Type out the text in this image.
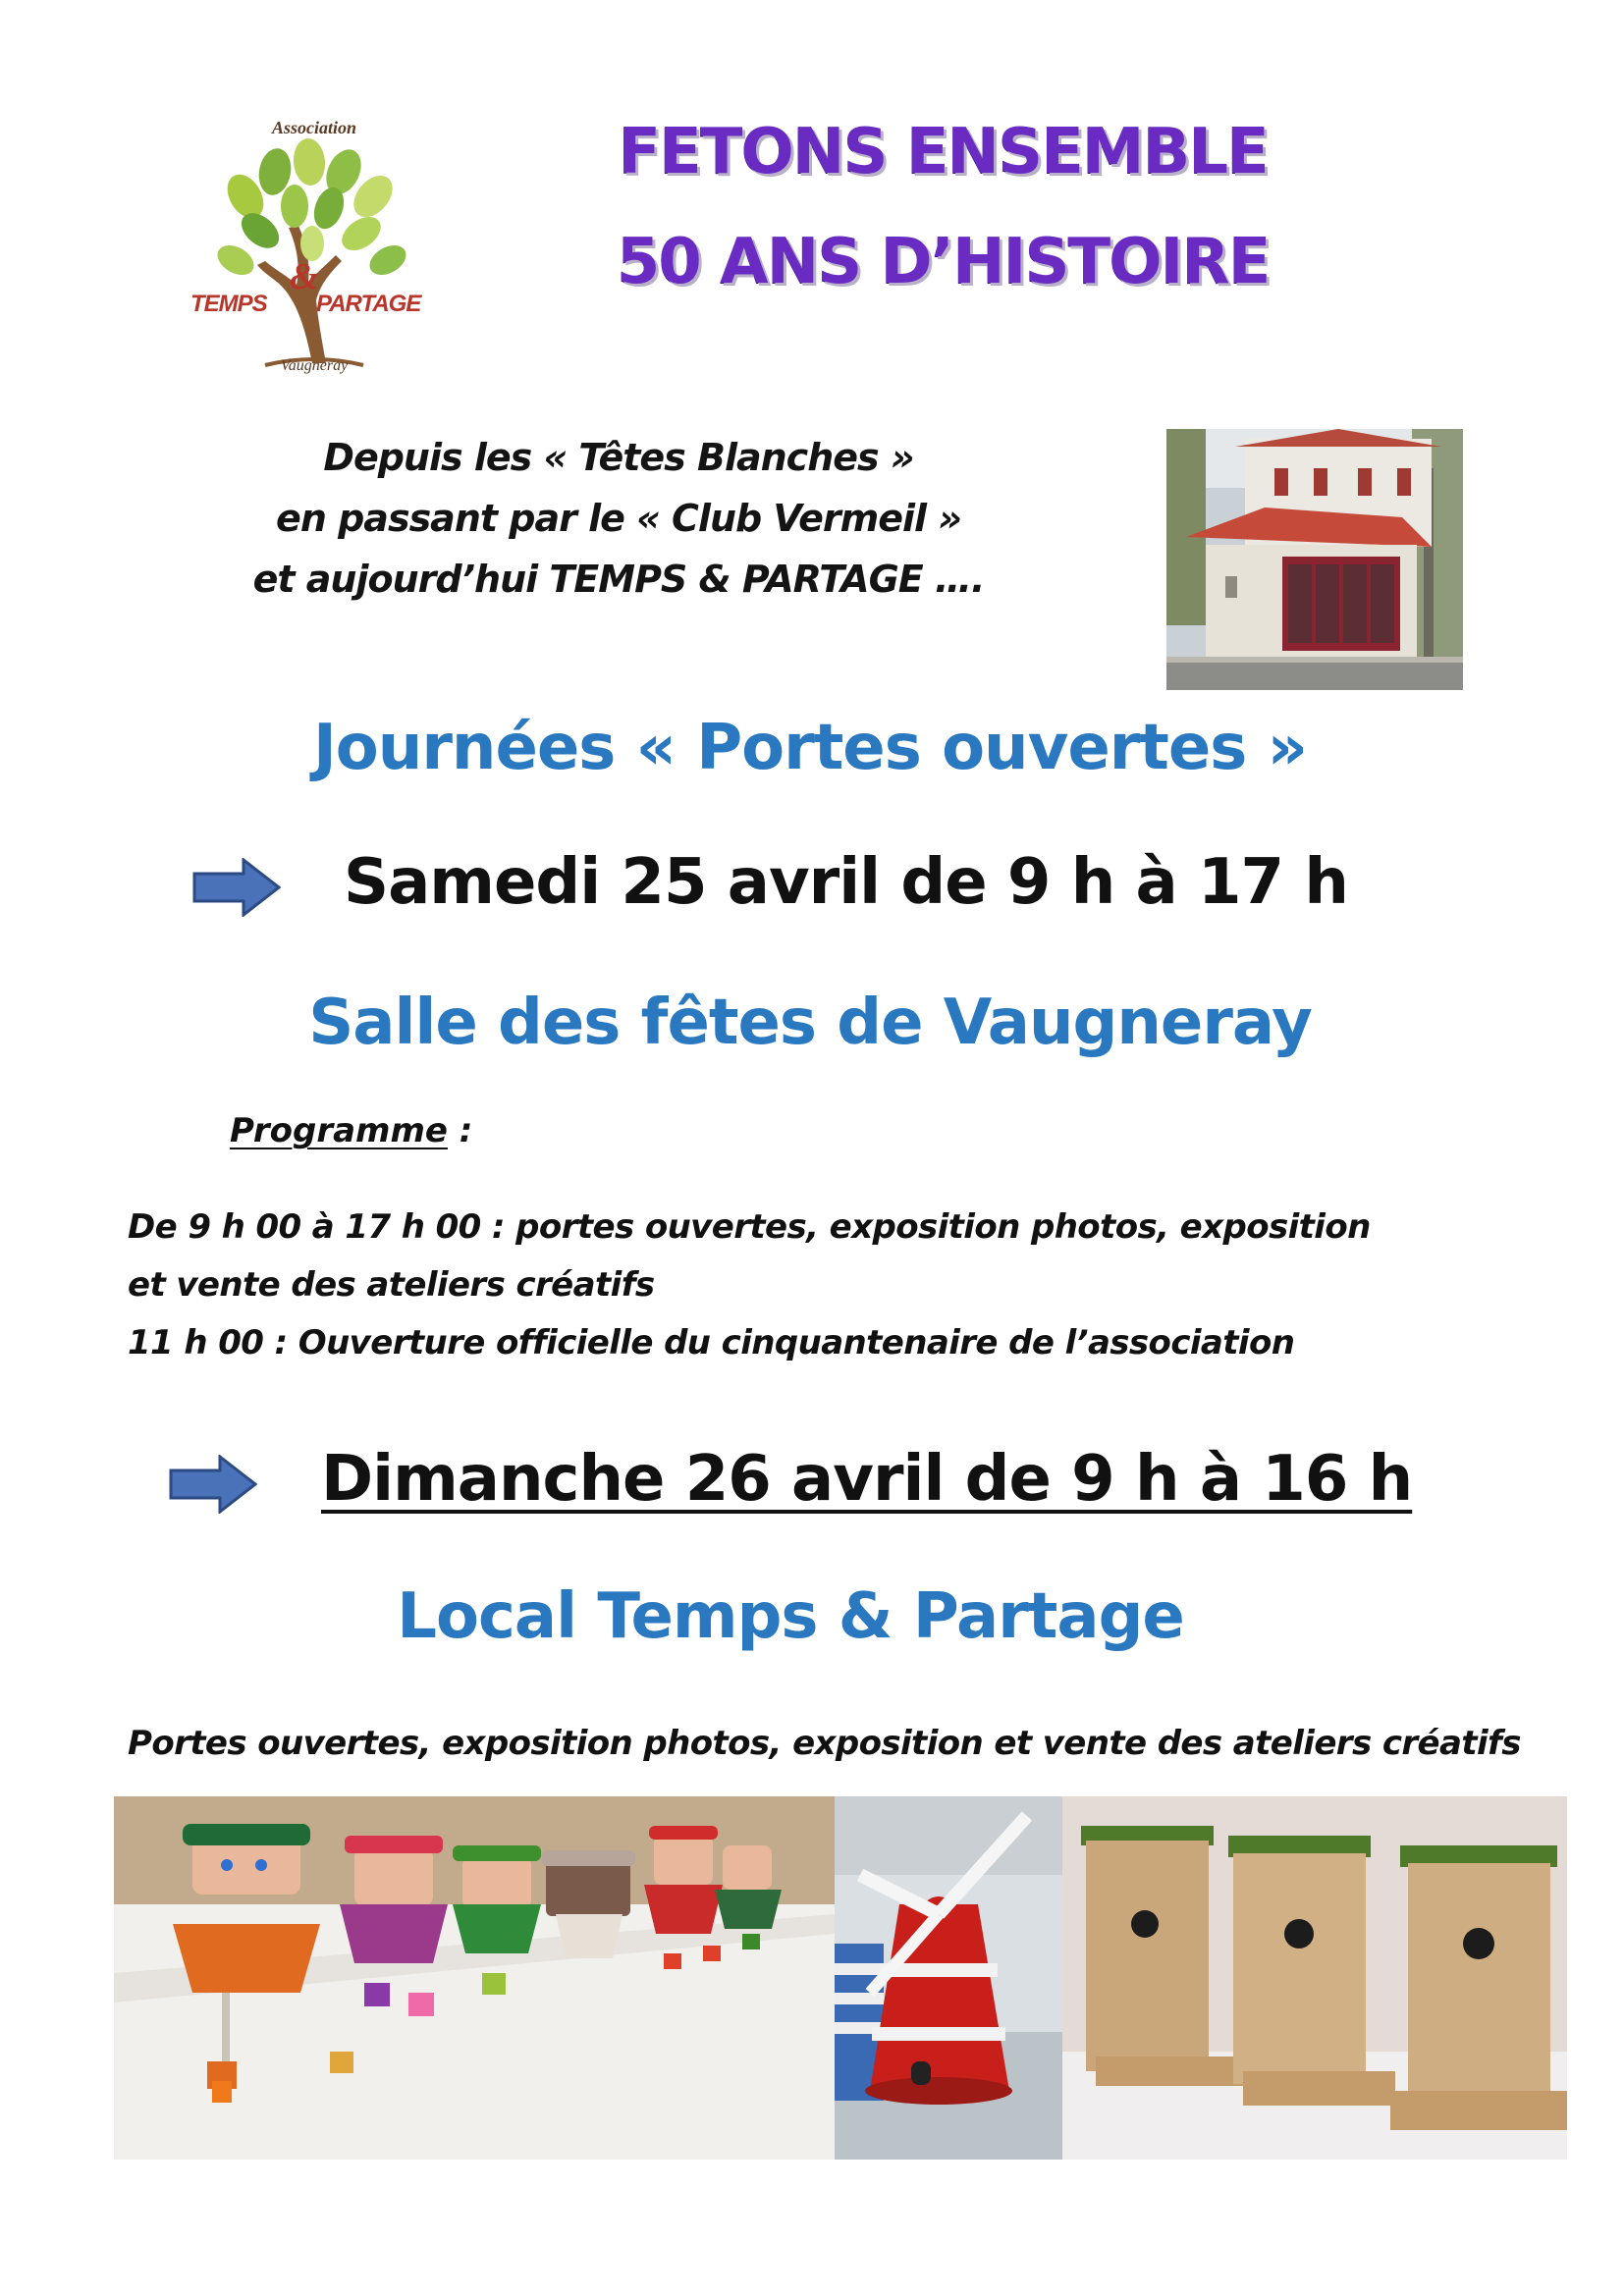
Association
TEMPS
&
PARTAGE
Vaugneray
FETONS ENSEMBLE
50 ANS D’HISTOIRE
Depuis les « Têtes Blanches »
en passant par le « Club Vermeil »
et aujourd’hui TEMPS & PARTAGE ….
Journées « Portes ouvertes »
Samedi 25 avril de 9 h à 17 h
Salle des fêtes de Vaugneray
Programme :
De 9 h 00 à 17 h 00 : portes ouvertes, exposition photos, exposition
et vente des ateliers créatifs
11 h 00 : Ouverture officielle du cinquantenaire de l’association
Dimanche 26 avril de 9 h à 16 h
Local Temps & Partage
Portes ouvertes, exposition photos, exposition et vente des ateliers créatifs
